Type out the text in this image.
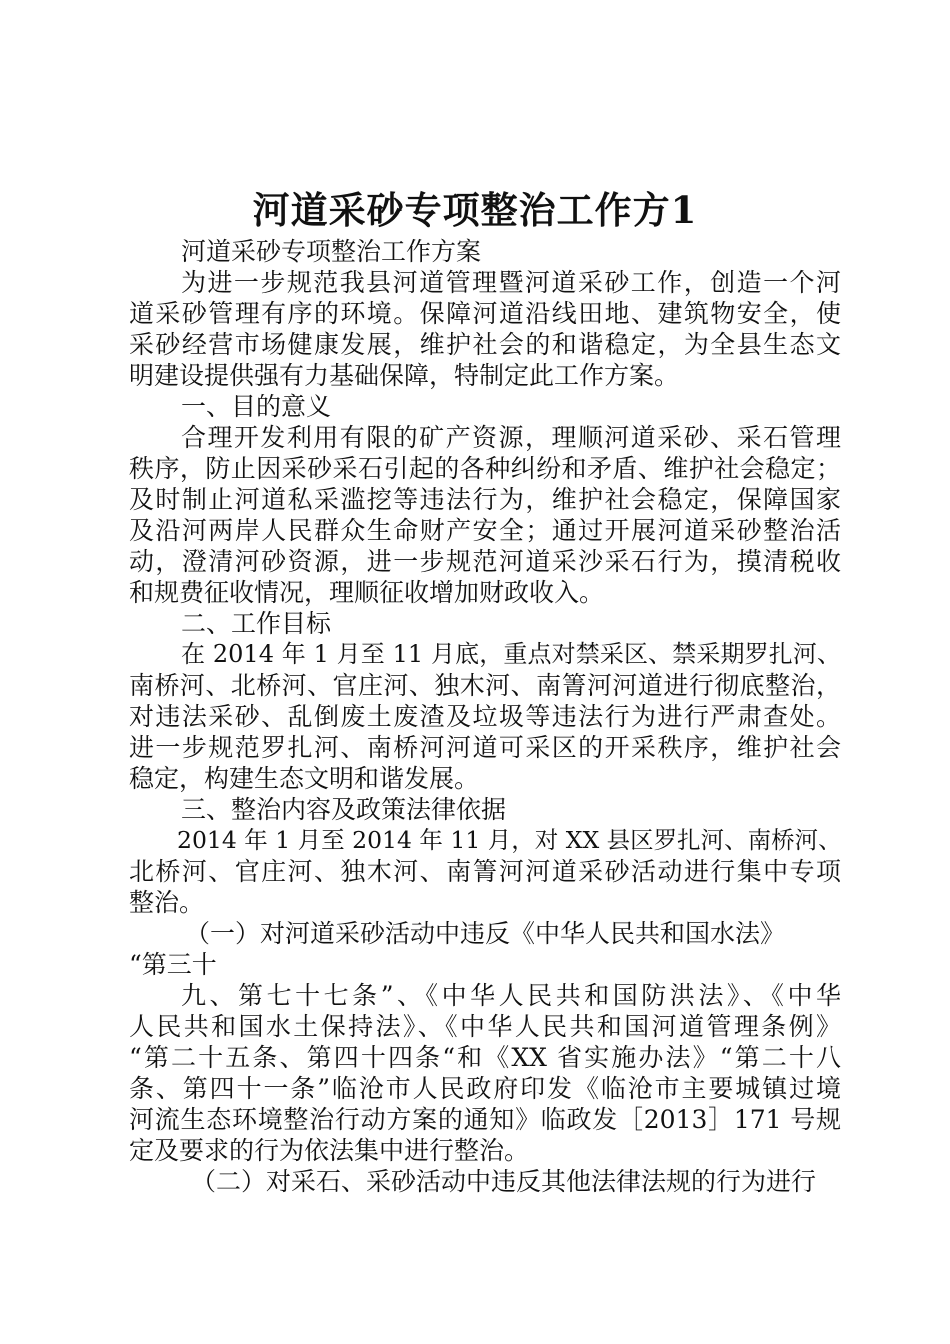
河道采砂专项整治工作方1
河道采砂专项整治工作方案
为进一步规范我县河道管理暨河道采砂工作，创造一个河
道采砂管理有序的环境。保障河道沿线田地、建筑物安全，使
采砂经营市场健康发展，维护社会的和谐稳定，为全县生态文
明建设提供强有力基础保障，特制定此工作方案。
一、目的意义
合理开发利用有限的矿产资源，理顺河道采砂、采石管理
秩序，防止因采砂采石引起的各种纠纷和矛盾、维护社会稳定；
及时制止河道私采滥挖等违法行为，维护社会稳定，保障国家
及沿河两岸人民群众生命财产安全；通过开展河道采砂整治活
动，澄清河砂资源，进一步规范河道采沙采石行为，摸清税收
和规费征收情况，理顺征收增加财政收入。
二、工作目标
在 2014 年 1 月至 11 月底，重点对禁采区、禁采期罗扎河、
南桥河、北桥河、官庄河、独木河、南箐河河道进行彻底整治，
对违法采砂、乱倒废土废渣及垃圾等违法行为进行严肃查处。
进一步规范罗扎河、南桥河河道可采区的开采秩序，维护社会
稳定，构建生态文明和谐发展。
三、整治内容及政策法律依据
2014 年 1 月至 2014 年 11 月，对 XX 县区罗扎河、南桥河、
北桥河、官庄河、独木河、南箐河河道采砂活动进行集中专项
整治。
（一）对河道采砂活动中违反《中华人民共和国水法》
“第三十
九、第七十七条”、《中华人民共和国防洪法》、《中华
人民共和国水土保持法》、《中华人民共和国河道管理条例》
“第二十五条、第四十四条“和《XX 省实施办法》“第二十八
条、第四十一条”临沧市人民政府印发《临沧市主要城镇过境
河流生态环境整治行动方案的通知》临政发［2013］171 号规
定及要求的行为依法集中进行整治。
（二）对采石、采砂活动中违反其他法律法规的行为进行
